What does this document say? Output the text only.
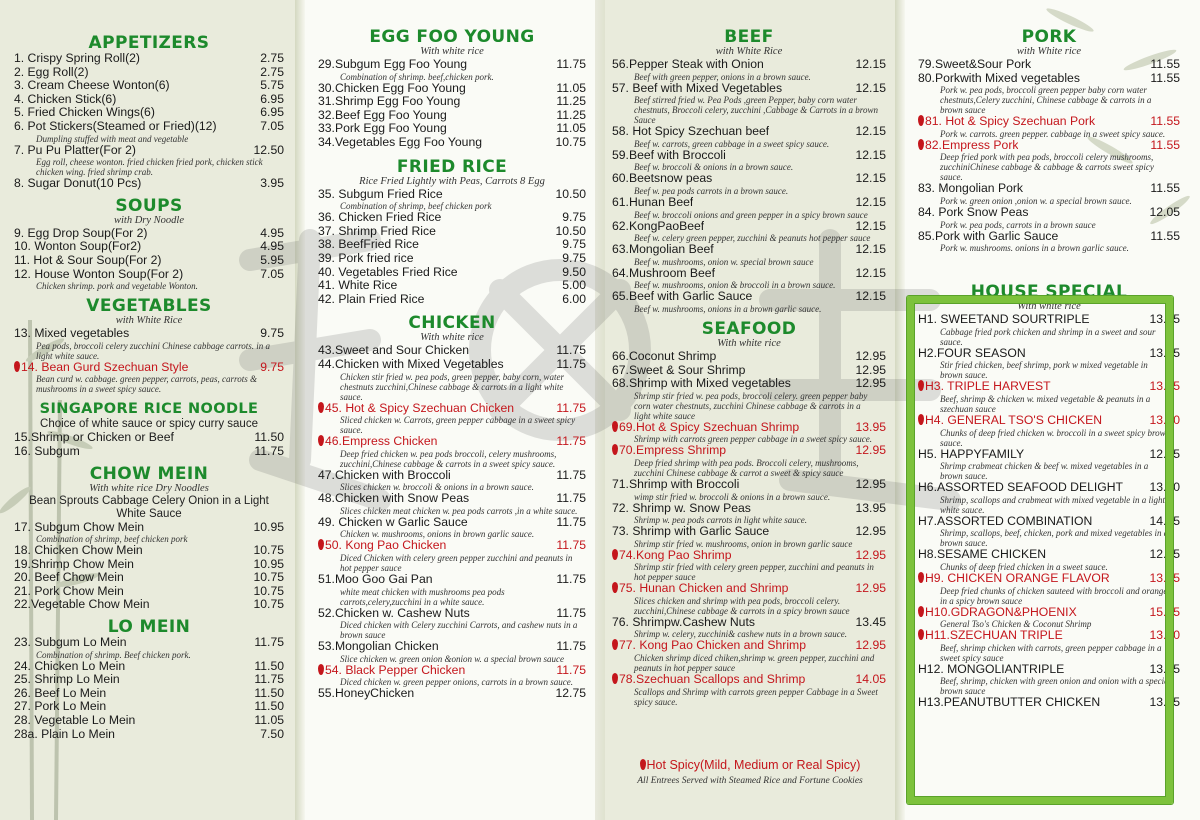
APPETIZERS
1. Crispy Spring Roll(2)	2.75
2. Egg Roll(2)	2.75
3. Cream Cheese Wonton(6)	5.75
4. Chicken Stick(6)	6.95
5. Fried Chicken Wings(6)	6.95
6. Pot Stickers(Steamed or Fried)(12)	7.05
Dumpling stuffed with meat and vegetable
7. Pu Pu Platter(For 2)	12.50
Egg roll, cheese wonton. fried chicken fried pork, chicken stick chicken wing. fried shrimp crab.
8. Sugar Donut(10 Pcs)	3.95
SOUPS
with Dry Noodle
9. Egg Drop Soup(For 2)	4.95
10. Wonton Soup(For2)	4.95
11. Hot & Sour Soup(For 2)	5.95
12. House Wonton Soup(For 2)	7.05
Chicken shrimp. pork and vegetable Wonton.
VEGETABLES
with White Rice
13. Mixed vegetables	9.75
Pea pods, broccoli celery zucchini Chinese cabbage carrots. in a light white sauce.
14. Bean Gurd Szechuan Style	9.75
Bean curd w. cabbage. green pepper, carrots, peas, carrots & mushrooms in a sweet spicy sauce.
SINGAPORE RICE NOODLE
Choice of white sauce or spicy curry sauce
15.Shrimp or Chicken or Beef	11.50
16. Subgum	11.75
CHOW MEIN
With white rice Dry Noodles
Bean Sprouts Cabbage Celery Onion in a Light White Sauce
17. Subgum Chow Mein	10.95
Combination of shrimp, beef chicken pork
18. Chicken Chow Mein	10.75
19.Shrimp Chow Mein	10.95
20. Beef Chow Mein	10.75
21. Pork Chow Mein	10.75
22.Vegetable Chow Mein	10.75
LO MEIN
23. Subgum Lo Mein	11.75
Combination of shrimp. Beef chicken pork.
24. Chicken Lo Mein	11.50
25. Shrimp Lo Mein	11.75
26. Beef Lo Mein	11.50
27. Pork Lo Mein	11.50
28. Vegetable Lo Mein	11.05
28a. Plain Lo Mein	7.50
EGG FOO YOUNG
With white rice
29.Subgum Egg Foo Young	11.75
Combination of shrimp. beef,chicken pork.
30.Chicken Egg Foo Young	11.05
31.Shrimp Egg Foo Young	11.25
32.Beef Egg Foo Young	11.25
33.Pork Egg Foo Young	11.05
34.Vegetables Egg Foo Young	10.75
FRIED RICE
Rice Fried Lightly with Peas, Carrots 8 Egg
35. Subgum Fried Rice	10.50
Combination of shrimp, beef chicken pork
36. Chicken Fried Rice	9.75
37. Shrimp Fried Rice	10.50
38. BeefFried Rice	9.75
39. Pork fried rice	9.75
40. Vegetables Fried Rice	9.50
41. White Rice	5.00
42. Plain Fried Rice	6.00
CHICKEN
With white rice
43.Sweet and Sour Chicken	11.75
44.Chicken with Mixed Vegetables	11.75
Chicken stir fried w. pea pods, green pepper, baby corn, water chestnuts zucchini,Chinese cabbage & carrots in a light white sauce.
45. Hot & Spicy Szechuan Chicken	11.75
Sliced chicken w. Carrots, green pepper cabbage in a sweet spicy sauce.
46.Empress Chicken	11.75
Deep fried chicken w. pea pods broccoli, celery mushrooms, zucchini,Chinese cabbage & carrots in a sweet spicy sauce.
47.Chicken with Broccoli	11.75
Slices chicken w. broccoli & onions in a brown sauce.
48.Chicken with Snow Peas	11.75
Slices chicken meat chicken w. pea pods carrots ,in a white sauce.
49. Chicken w Garlic Sauce	11.75
Chicken w. mushrooms, onions in brown garlic sauce.
50. Kong Pao Chicken	11.75
Diced Chicken with celery green pepper zucchini and peanuts in hot pepper sauce
51.Moo Goo Gai Pan	11.75
white meat chicken with mushrooms pea pods carrots,celery,zucchini in a white sauce.
52.Chicken w. Cashew Nuts	11.75
Diced chicken with Celery zucchini Carrots, and cashew nuts in a brown sauce
53.Mongolian Chicken	11.75
Slice chicken w. green onion &onion w. a special brown sauce
54. Black Pepper Chicken	11.75
Diced chicken w. green pepper onions, carrots in a brown sauce.
55.HoneyChicken	12.75
BEEF
with White Rice
56.Pepper Steak with Onion	12.15
Beef with green pepper, onions in a brown sauce.
57. Beef with Mixed Vegetables	12.15
Beef stirred fried w. Pea Pods ,green Pepper, baby corn water chestnuts, Broccoli celery, zucchini ,Cabbage & Carrots in a brown Sauce
58. Hot Spicy Szechuan beef	12.15
Beef w. carrots, green cabbage in a sweet spicy sauce.
59.Beef with Broccoli	12.15
Beef w. broccoli & onions in a brown sauce.
60.Beetsnow peas	12.15
Beef w. pea pods carrots in a brown sauce.
61.Hunan Beef	12.15
Beef w. broccoli onions and green pepper in a spicy brown sauce
62.KongPaoBeef	12.15
Beef w. celery green pepper, zucchini & peanuts hot pepper sauce
63.Mongolian Beef	12.15
Beef w. mushrooms, onion w. special brown sauce
64.Mushroom Beef	12.15
Beef w. mushrooms, onion & broccoli in a brown sauce.
65.Beef with Garlic Sauce	12.15
Beef w. mushrooms, onions in a brown garlic sauce.
SEAFOOD
With white rice
66.Coconut Shrimp	12.95
67.Sweet & Sour Shrimp	12.95
68.Shrimp with Mixed vegetables	12.95
Shrimp stir fried w. pea pods, broccoli celery. green pepper baby corn water chestnuts, zucchini Chinese cabbage & carrots in a light white sauce
69.Hot & Spicy Szechuan Shrimp	13.95
Shrimp with carrots green pepper cabbage in a sweet spicy sauce.
70.Empress Shrimp	12.95
Deep fried shrimp with pea pods. Broccoli celery, mushrooms, zucchini Chinese cabbage & carrot a sweet & spicy sauce
71.Shrimp with Broccoli	12.95
wimp stir fried w. broccoli & onions in a brown sauce.
72. Shrimp w. Snow Peas	13.95
Shrimp w. pea pods carrots in light white sauce.
73. Shrimp with Garlic Sauce	12.95
Shrimp stir fried w. mushrooms, onion in brown garlic sauce
74.Kong Pao Shrimp	12.95
Shrimp stir fried with celery green pepper, zucchini and peanuts in hot pepper sauce
75. Hunan Chicken and Shrimp	12.95
Slices chicken and shrimp with pea pods, broccoli celery. zucchini,Chinese cabbage & carrots in a spicy brown sauce
76. Shrimpw.Cashew Nuts	13.45
Shrimp w. celery, zucchini& cashew nuts in a brown sauce.
77. Kong Pao Chicken and Shrimp	12.95
Chicken shrimp diced chiken,shrimp w. green pepper, zucchini and peanuts in hot pepper sauce
78.Szechuan Scallops and Shrimp	14.05
Scallops and Shrimp with carrots green pepper Cabbage in a Sweet spicy sauce.
PORK
with White rice
79.Sweet&Sour Pork	11.55
80.Porkwith Mixed vegetables	11.55
Pork w. pea pods, broccoli green pepper baby corn water chestnuts,Celery zucchini, Chinese cabbage & carrots in a brown sauce
81. Hot & Spicy Szechuan Pork	11.55
Pork w. carrots. green pepper. cabbage in a sweet spicy sauce.
82.Empress Pork	11.55
Deep fried pork with pea pods, broccoli celery mushrooms, zucchiniChinese cabbage & cabbage & carrots sweet spicy sauce.
83. Mongolian Pork	11.55
Pork w. green onion ,onion w. a special brown sauce.
84. Pork Snow Peas	12.05
Pork w. pea pods, carrots in a brown sauce
85.Pork with Garlic Sauce	11.55
Pork w. mushrooms. onions in a brown garlic sauce.
HOUSE SPECIAL
With white rice
H1. SWEETAND SOURTRIPLE	13.75
Cabbage fried pork chicken and shrimp in a sweet and sour sauce.
H2.FOUR SEASON	13.75
Stir fried chicken, beef shrimp, pork w mixed vegetable in brown sauce.
H3. TRIPLE HARVEST	13.75
Beef, shrimp & chicken w. mixed vegetable & peanuts in a szechuan sauce
H4. GENERAL TSO'S CHICKEN	13.30
Chunks of deep fried chicken w. broccoli in a sweet spicy brown sauce.
H5. HAPPYFAMILY	12.75
Shrimp crabmeat chicken & beef w. mixed vegetables in a brown sauce.
H6.ASSORTED SEAFOOD DELIGHT 13.30
Shrimp, scallops and crabmeat with mixed vegetable in a lights white sauce.
H7.ASSORTED COMBINATION	14.95
Shrimp, scallops, beef, chicken, pork and mixed vegetables in a brown sauce.
H8.SESAME CHICKEN	12.75
Chunks of deep fried chicken in a sweet sauce.
H9. CHICKEN ORANGE FLAVOR	13.05
Deep fried chunks of chicken sauteed with broccoli and orange in a spicy brown sauce
H10.GDRAGON&PHOENIX	15.55
General Tso's Chicken & Coconut Shrimp
H11.SZECHUAN TRIPLE	13.30
Beef, shrimp chicken with carrots, green pepper cabbage in a sweet spicy sauce
H12. MONGOLIANTRIPLE	13.75
Beef, shrimp, chicken with green onion and onion with a special brown sauce
H13.PEANUTBUTTER CHICKEN	13.75
Hot Spicy(Mild, Medium or Real Spicy)
All Entrees Served with Steamed Rice and Fortune Cookies
